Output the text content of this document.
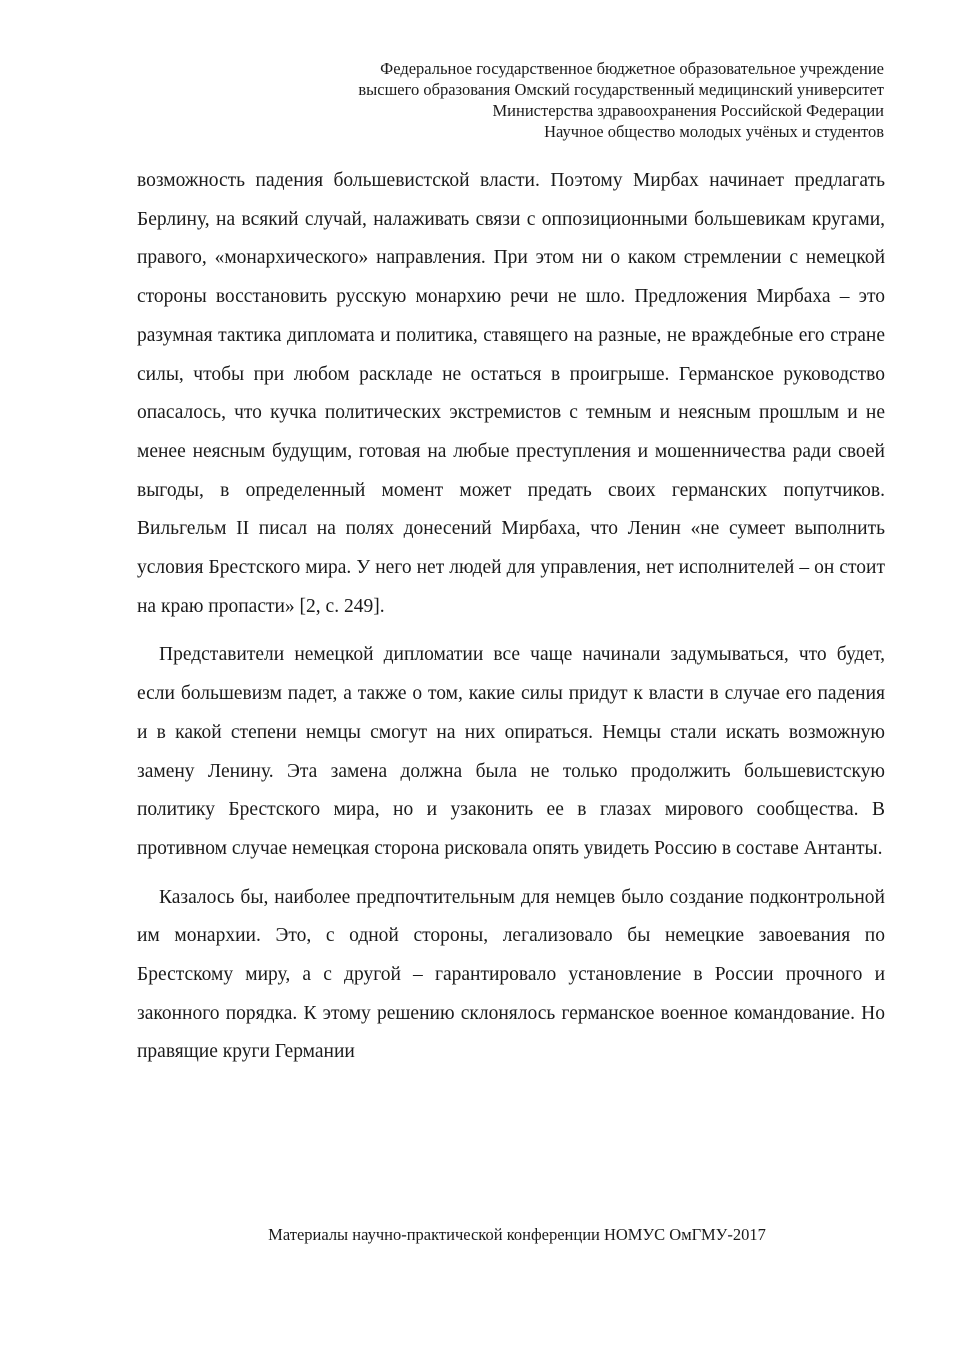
Федеральное государственное бюджетное образовательное учреждение
высшего образования Омский государственный медицинский университет
Министерства здравоохранения Российской Федерации
Научное общество молодых учёных и студентов

возможность падения большевистской власти. Поэтому Мирбах начинает предлагать Берлину, на всякий случай, налаживать связи с оппозиционными большевикам кругами, правого, «монархического» направления. При этом ни о каком стремлении с немецкой стороны восстановить русскую монархию речи не шло. Предложения Мирбаха – это разумная тактика дипломата и политика, ставящего на разные, не враждебные его стране силы, чтобы при любом раскладе не остаться в проигрыше. Германское руководство опасалось, что кучка политических экстремистов с темным и неясным прошлым и не менее неясным будущим, готовая на любые преступления и мошенничества ради своей выгоды, в определенный момент может предать своих германских попутчиков. Вильгельм II писал на полях донесений Мирбаха, что Ленин «не сумеет выполнить условия Брестского мира. У него нет людей для управления, нет исполнителей – он стоит на краю пропасти» [2, с. 249].

Представители немецкой дипломатии все чаще начинали задумываться, что будет, если большевизм падет, а также о том, какие силы придут к власти в случае его падения и в какой степени немцы смогут на них опираться. Немцы стали искать возможную замену Ленину. Эта замена должна была не только продолжить большевистскую политику Брестского мира, но и узаконить ее в глазах мирового сообщества. В противном случае немецкая сторона рисковала опять увидеть Россию в составе Антанты.

Казалось бы, наиболее предпочтительным для немцев было создание подконтрольной им монархии. Это, с одной стороны, легализовало бы немецкие завоевания по Брестскому миру, а с другой – гарантировало установление в России прочного и законного порядка. К этому решению склонялось германское военное командование. Но правящие круги Германии

Материалы научно-практической конференции НОМУС ОмГМУ-2017
